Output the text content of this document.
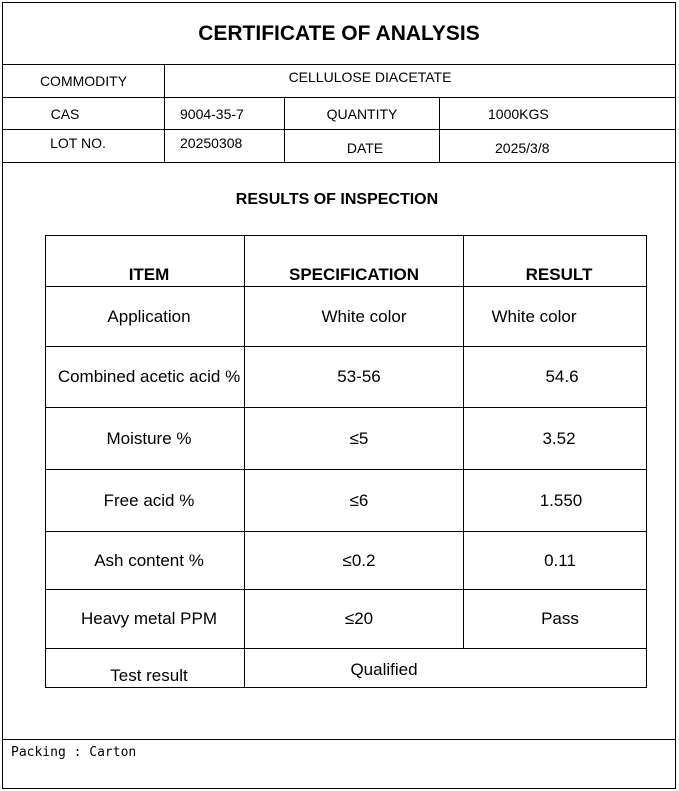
CERTIFICATE OF ANALYSIS
COMMODITY	CELLULOSE DIACETATE
CAS	9004-35-7	QUANTITY	1000KGS
LOT NO.	20250308	DATE	2025/3/8
RESULTS OF INSPECTION
ITEM	SPECIFICATION	RESULT
Application	White color	White color
Combined acetic acid %	53-56	54.6
Moisture %	≤5	3.52
Free acid %	≤6	1.550
Ash content %	≤0.2	0.11
Heavy metal PPM	≤20	Pass
Test result	Qualified
Packing : Carton
